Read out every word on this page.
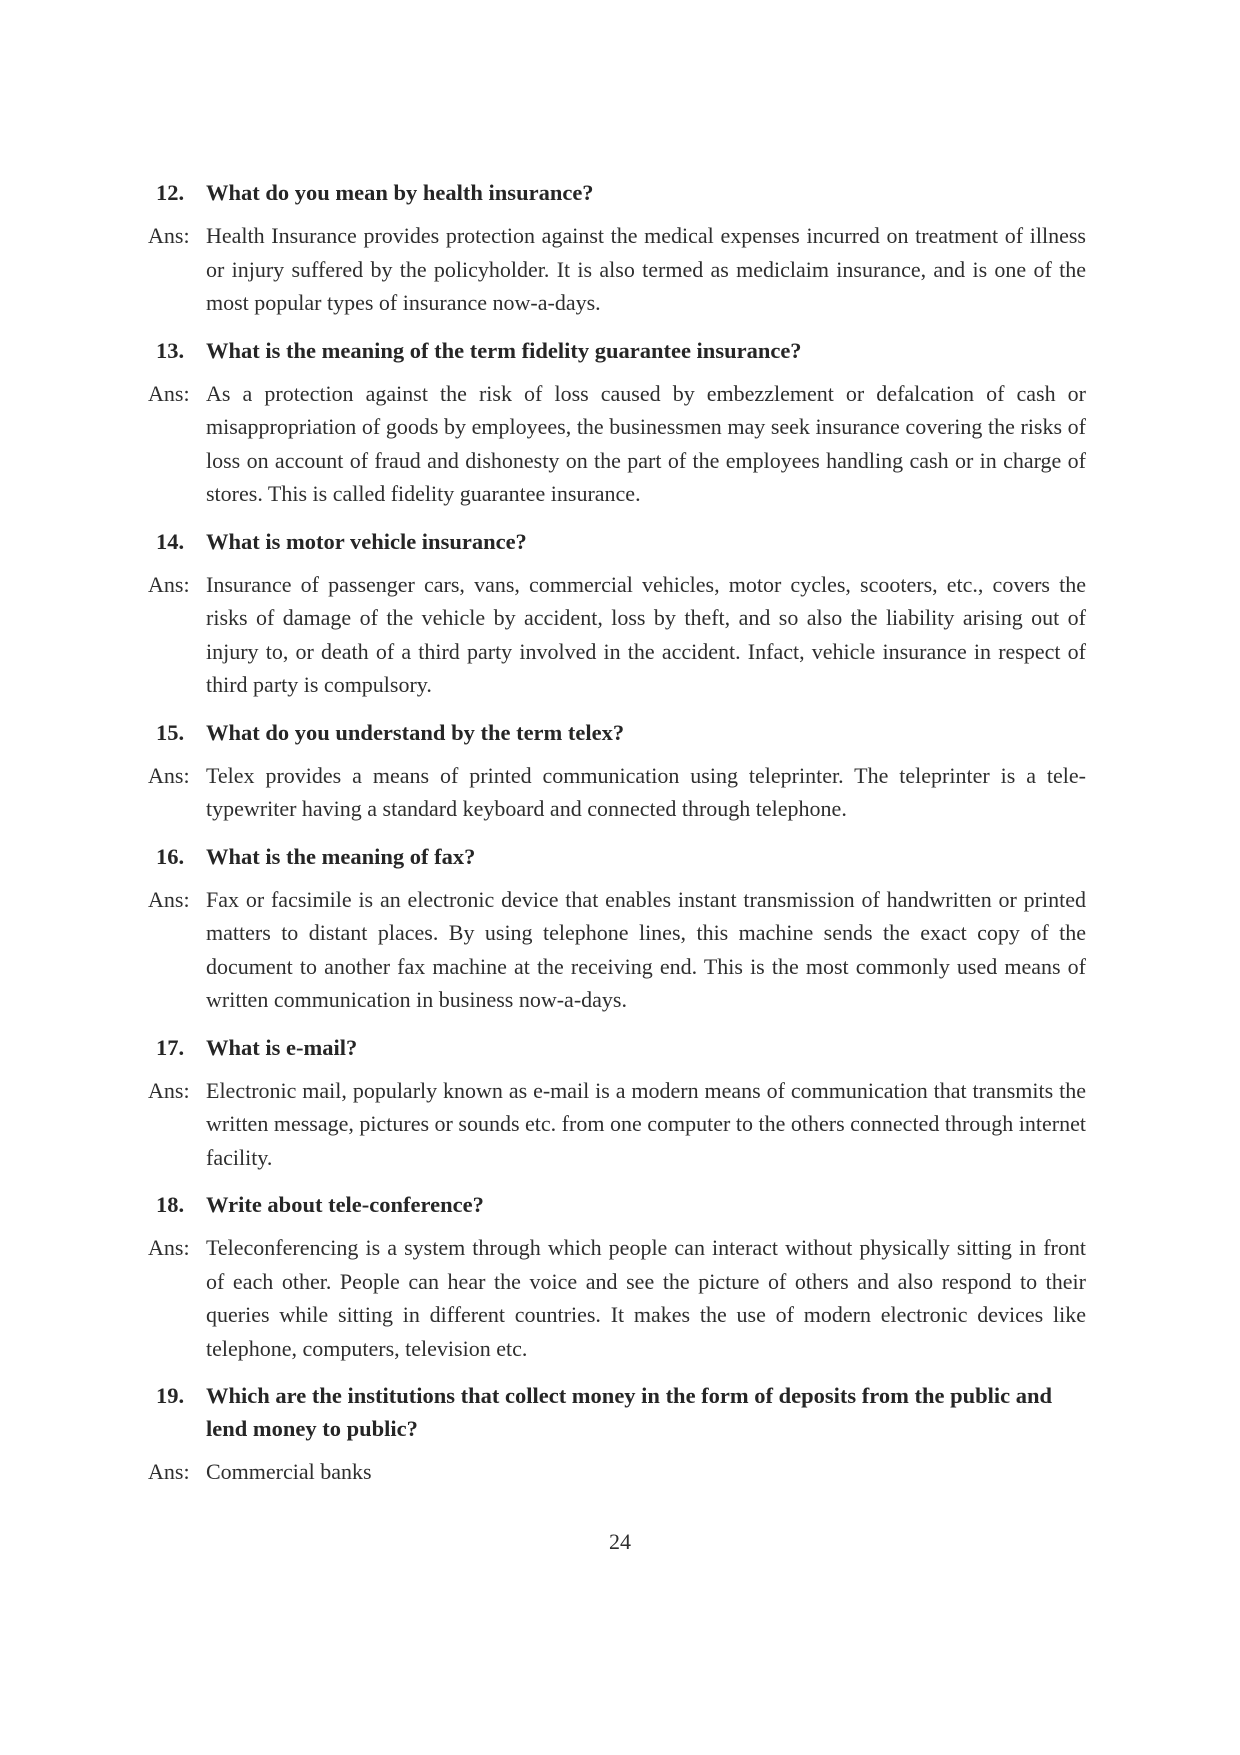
12. What do you mean by health insurance?

Ans: Health Insurance provides protection against the medical expenses incurred on treatment of illness or injury suffered by the policyholder. It is also termed as mediclaim insurance, and is one of the most popular types of insurance now-a-days.

13. What is the meaning of the term fidelity guarantee insurance?

Ans: As a protection against the risk of loss caused by embezzlement or defalcation of cash or misappropriation of goods by employees, the businessmen may seek insurance covering the risks of loss on account of fraud and dishonesty on the part of the employees handling cash or in charge of stores. This is called fidelity guarantee insurance.

14. What is motor vehicle insurance?

Ans: Insurance of passenger cars, vans, commercial vehicles, motor cycles, scooters, etc., covers the risks of damage of the vehicle by accident, loss by theft, and so also the liability arising out of injury to, or death of a third party involved in the accident. Infact, vehicle insurance in respect of third party is compulsory.

15. What do you understand by the term telex?

Ans: Telex provides a means of printed communication using teleprinter. The teleprinter is a tele-typewriter having a standard keyboard and connected through telephone.

16. What is the meaning of fax?

Ans: Fax or facsimile is an electronic device that enables instant transmission of handwritten or printed matters to distant places. By using telephone lines, this machine sends the exact copy of the document to another fax machine at the receiving end. This is the most commonly used means of written communication in business now-a-days.

17. What is e-mail?

Ans: Electronic mail, popularly known as e-mail is a modern means of communication that transmits the written message, pictures or sounds etc. from one computer to the others connected through internet facility.

18. Write about tele-conference?

Ans: Teleconferencing is a system through which people can interact without physically sitting in front of each other. People can hear the voice and see the picture of others and also respond to their queries while sitting in different countries. It makes the use of modern electronic devices like telephone, computers, television etc.

19. Which are the institutions that collect money in the form of deposits from the public and lend money to public?

Ans: Commercial banks

24
